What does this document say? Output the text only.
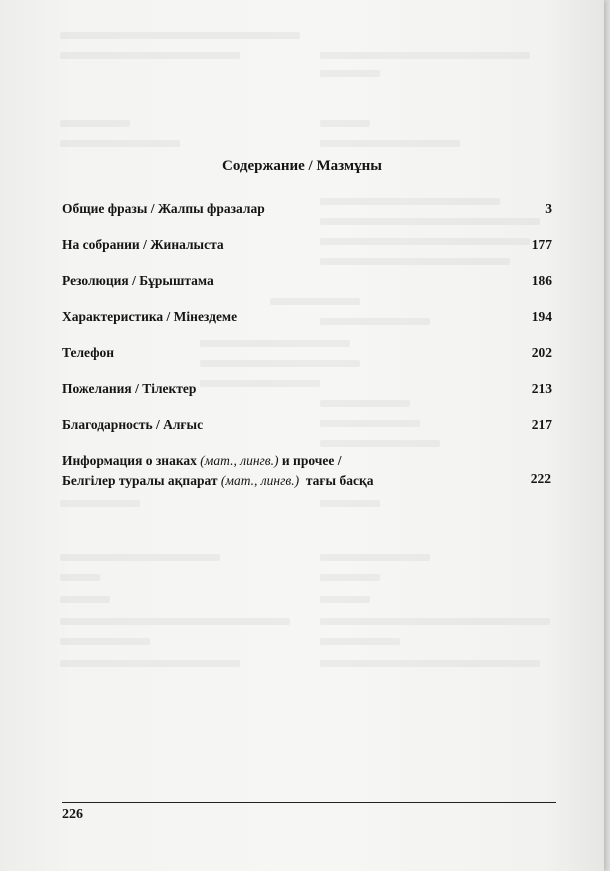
Содержание / Мазмұны
Общие фразы / Жалпы фразалар	3
На собрании / Жиналыста	177
Резолюция / Бұрыштама	186
Характеристика / Мінездеме	194
Телефон	202
Пожелания / Тілектер	213
Благодарность / Алғыс	217
Информация о знаках (мат., лингв.) и прочее /
Белгілер туралы ақпарат (мат., лингв.)  тағы басқа	222
226
